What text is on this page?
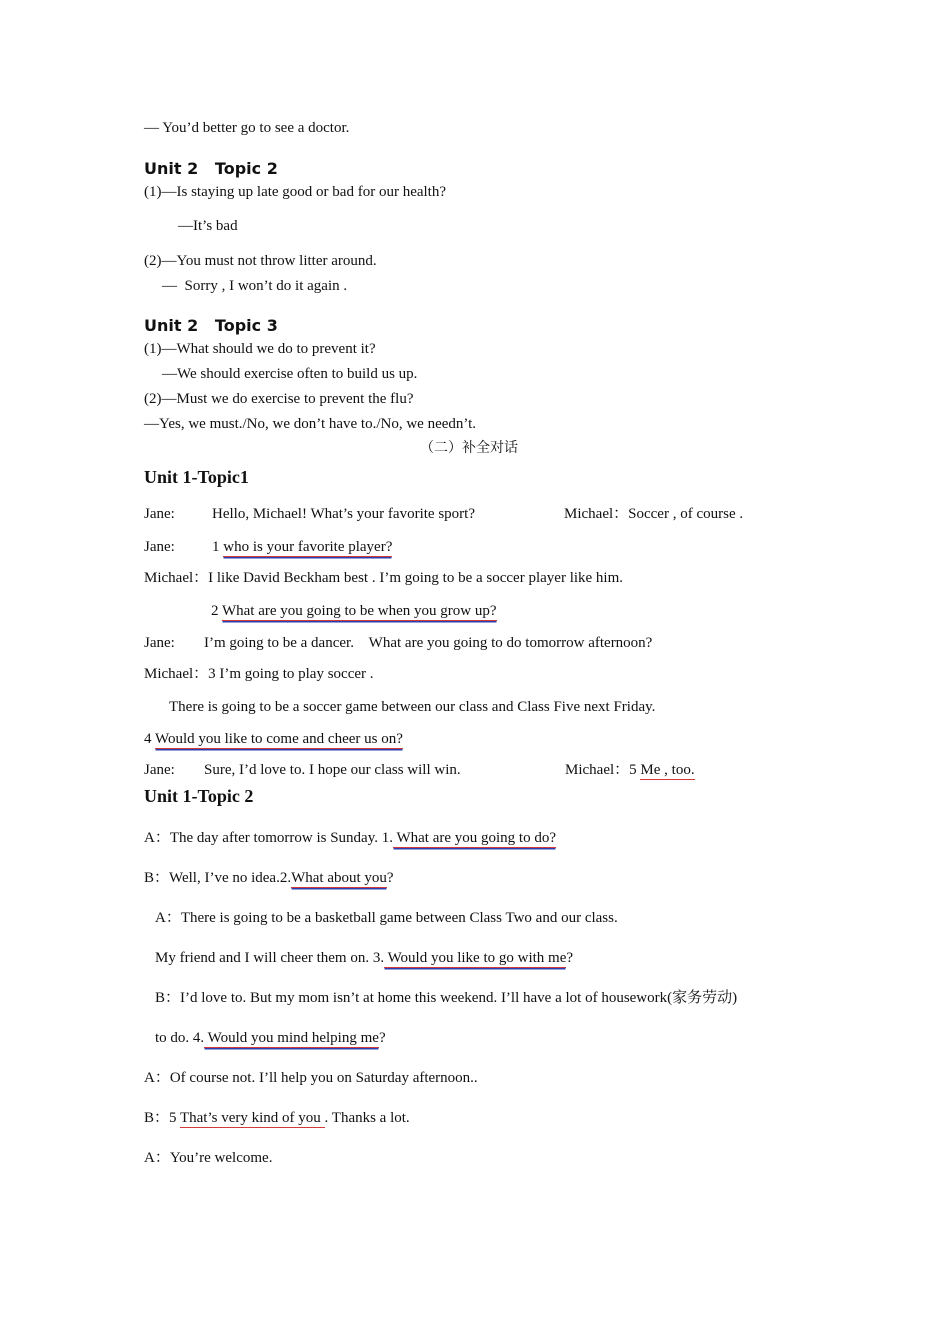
— You’d better go to see a doctor.
Unit 2   Topic 2
(1)—Is staying up late good or bad for our health?
—It’s bad
(2)—You must not throw litter around.
—  Sorry , I won’t do it again .
Unit 2   Topic 3
(1)—What should we do to prevent it?
—We should exercise often to build us up.
(2)—Must we do exercise to prevent the flu?
—Yes, we must./No, we don’t have to./No, we needn’t.
（二）补全对话
Unit 1-Topic1
Jane: Hello, Michael! What’s your favorite sport?	Michael：Soccer , of course .
Jane: 1 who is your favorite player?
Michael：I like David Beckham best . I’m going to be a soccer player like him.
2 What are you going to be when you grow up?
Jane: I’m going to be a dancer.    What are you going to do tomorrow afternoon?
Michael：3 I’m going to play soccer .
There is going to be a soccer game between our class and Class Five next Friday.
4 Would you like to come and cheer us on?
Jane: Sure, I’d love to. I hope our class will win.	Michael：5 Me , too.
Unit 1-Topic 2
A：The day after tomorrow is Sunday. 1. What are you going to do?
B：Well, I’ve no idea.2.What about you?
A：There is going to be a basketball game between Class Two and our class.
My friend and I will cheer them on. 3. Would you like to go with me?
B：I’d love to. But my mom isn’t at home this weekend. I’ll have a lot of housework(家务劳动)
to do. 4. Would you mind helping me?
A：Of course not. I’ll help you on Saturday afternoon..
B：5 That’s very kind of you . Thanks a lot.
A：You’re welcome.
